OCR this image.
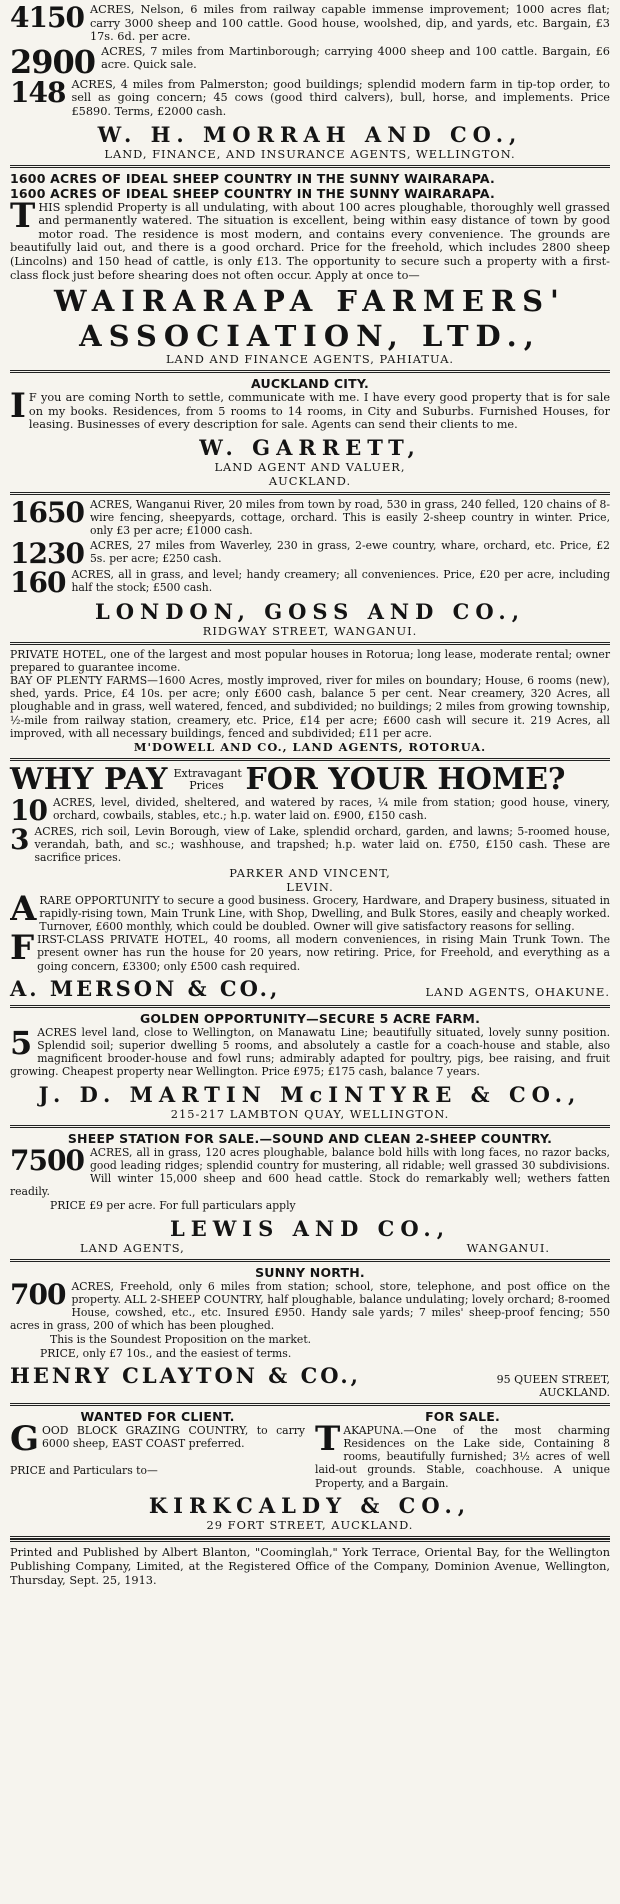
4150 ACRES, Nelson, 6 miles from railway capable immense improvement; 1000 acres flat; carry 3000 sheep and 100 cattle. Good house, woolshed, dip, and yards, etc. Bargain, £3 17s. 6d. per acre.

2900 ACRES, 7 miles from Martinborough; carrying 4000 sheep and 100 cattle. Bargain, £6 acre. Quick sale.

148 ACRES, 4 miles from Palmerston; good buildings; splendid modern farm in tip-top order, to sell as going concern; 45 cows (good third calvers), bull, horse, and implements. Price £5890. Terms, £2000 cash.

W. H. MORRAH AND CO.,
LAND, FINANCE, AND INSURANCE AGENTS, WELLINGTON.
1600 ACRES OF IDEAL SHEEP COUNTRY IN THE SUNNY WAIRARAPA.
1600 ACRES OF IDEAL SHEEP COUNTRY IN THE SUNNY WAIRARAPA.
T HIS splendid Property is all undulating, with about 100 acres ploughable, thoroughly well grassed and permanently watered. The situation is excellent, being within easy distance of town by good motor road. The residence is most modern, and contains every convenience. The grounds are beautifully laid out, and there is a good orchard. Price for the freehold, which includes 2800 sheep (Lincolns) and 150 head of cattle, is only £13. The opportunity to secure such a property with a first-class flock just before shearing does not often occur. Apply at once to—

WAIRARAPA FARMERS'
ASSOCIATION, LTD.,
LAND AND FINANCE AGENTS, PAHIATUA.
AUCKLAND CITY.
I F you are coming North to settle, communicate with me. I have every good property that is for sale on my books. Residences, from 5 rooms to 14 rooms, in City and Suburbs. Furnished Houses, for leasing. Businesses of every description for sale. Agents can send their clients to me.

W. GARRETT,
LAND AGENT AND VALUER,
AUCKLAND.
1650 ACRES, Wanganui River, 20 miles from town by road, 530 in grass, 240 felled, 120 chains of 8-wire fencing, sheepyards, cottage, orchard. This is easily 2-sheep country in winter. Price, only £3 per acre; £1000 cash.

1230 ACRES, 27 miles from Waverley, 230 in grass, 2-ewe country, whare, orchard, etc. Price, £2 5s. per acre; £250 cash.

160 ACRES, all in grass, and level; handy creamery; all conveniences. Price, £20 per acre, including half the stock; £500 cash.

LONDON, GOSS AND CO.,
RIDGWAY STREET, WANGANUI.

PRIVATE HOTEL, one of the largest and most popular houses in Rotorua; long lease, moderate rental; owner prepared to guarantee income.

BAY OF PLENTY FARMS—1600 Acres, mostly improved, river for miles on boundary; House, 6 rooms (new), shed, yards. Price, £4 10s. per acre; only £600 cash, balance 5 per cent. Near creamery, 320 Acres, all ploughable and in grass, well watered, fenced, and subdivided; no buildings; 2 miles from growing township, ½-mile from railway station, creamery, etc. Price, £14 per acre; £600 cash will secure it. 219 Acres, all improved, with all necessary buildings, fenced and subdivided; £11 per acre.

M'DOWELL AND CO., LAND AGENTS, ROTORUA.
WHY PAY Extravagant Prices FOR YOUR HOME?
10 ACRES, level, divided, sheltered, and watered by races, ¼ mile from station; good house, vinery, orchard, cowbails, stables, etc.; h.p. water laid on. £900, £150 cash.

3 ACRES, rich soil, Levin Borough, view of Lake, splendid orchard, garden, and lawns; 5-roomed house, verandah, bath, and sc.; washhouse, and trapshed; h.p. water laid on. £750, £150 cash. These are sacrifice prices.

PARKER AND VINCENT,
LEVIN.
A RARE OPPORTUNITY to secure a good business. Grocery, Hardware, and Drapery business, situated in rapidly-rising town, Main Trunk Line, with Shop, Dwelling, and Bulk Stores, easily and cheaply worked. Turnover, £600 monthly, which could be doubled. Owner will give satisfactory reasons for selling.

F IRST-CLASS PRIVATE HOTEL, 40 rooms, all modern conveniences, in rising Main Trunk Town. The present owner has run the house for 20 years, now retiring. Price, for Freehold, and everything as a going concern, £3300; only £500 cash required.

A. MERSON & CO.,	LAND AGENTS, OHAKUNE.
GOLDEN OPPORTUNITY—SECURE 5 ACRE FARM.
5 ACRES level land, close to Wellington, on Manawatu Line; beautifully situated, lovely sunny position. Splendid soil; superior dwelling 5 rooms, and absolutely a castle for a coach-house and stable, also magnificent brooder-house and fowl runs; admirably adapted for poultry, pigs, bee raising, and fruit growing. Cheapest property near Wellington. Price £975; £175 cash, balance 7 years.

J. D. MARTIN McINTYRE & CO.,
215-217 LAMBTON QUAY, WELLINGTON.
SHEEP STATION FOR SALE.—SOUND AND CLEAN 2-SHEEP COUNTRY.
7500 ACRES, all in grass, 120 acres ploughable, balance bold hills with long faces, no razor backs, good leading ridges; splendid country for mustering, all ridable; well grassed 30 subdivisions. Will winter 15,000 sheep and 600 head cattle. Stock do remarkably well; wethers fatten readily.

PRICE £9 per acre. For full particulars apply

LEWIS AND CO.,
LAND AGENTS,	WANGANUI.
SUNNY NORTH.
700 ACRES, Freehold, only 6 miles from station; school, store, telephone, and post office on the property. ALL 2-SHEEP COUNTRY, half ploughable, balance undulating; lovely orchard; 8-roomed House, cowshed, etc., etc. Insured £950. Handy sale yards; 7 miles' sheep-proof fencing; 550 acres in grass, 200 of which has been ploughed.

This is the Soundest Proposition on the market.

PRICE, only £7 10s., and the easiest of terms.

HENRY CLAYTON & CO.,	95 QUEEN STREET,
AUCKLAND.
WANTED FOR CLIENT.
G OOD BLOCK GRAZING COUNTRY, to carry 6000 sheep, EAST COAST preferred.

PRICE and Particulars to—

FOR SALE.
T AKAPUNA.—One of the most charming Residences on the Lake side, Containing 8 rooms, beautifully furnished; 3½ acres of well laid-out grounds. Stable, coachhouse. A unique Property, and a Bargain.

KIRKCALDY & CO.,
29 FORT STREET, AUCKLAND.
Printed and Published by Albert Blanton, "Coominglah," York Terrace, Oriental Bay, for the Wellington Publishing Company, Limited, at the Registered Office of the Company, Dominion Avenue, Wellington, Thursday, Sept. 25, 1913.
